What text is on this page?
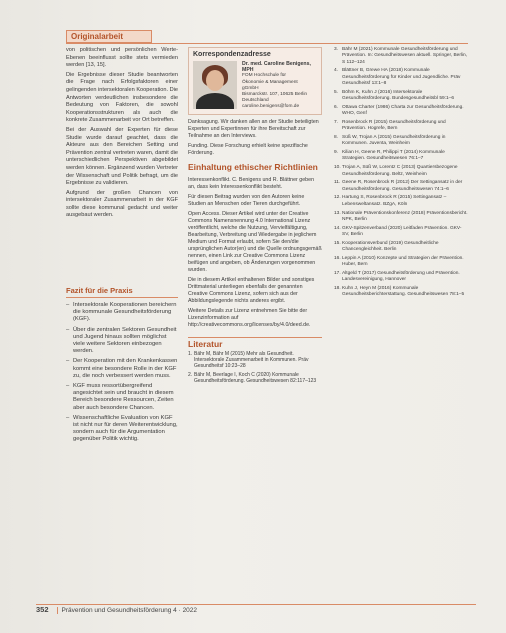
Originalarbeit

von politischen und persönlichen Werte-Ebenen beeinflusst sollte stets vermieden werden [13, 15].

Die Ergebnisse dieser Studie beantworten die Frage nach Erfolgsfaktoren einer gelingenden intersektoralen Kooperation. Die Antworten verdeutlichen insbesondere die Bedeutung von Faktoren, die sowohl Kooperationsstrukturen als auch die konkrete Zusammenarbeit vor Ort betreffen.

Bei der Auswahl der Experten für diese Studie wurde darauf geachtet, dass die Akteure aus den Bereichen Setting und Prävention zentral vertreten waren, damit die unterschiedlichen Perspektiven abgebildet werden können. Ergänzend wurden Vertreter der Wissenschaft und Politik befragt, um die Ergebnisse zu validieren.

Aufgrund der großen Chancen von intersektoraler Zusammenarbeit in der KGF sollte diese kommunal gedacht und weiter ausgebaut werden.

Fazit für die Praxis
– Intersektorale Kooperationen bereichern die kommunale Gesundheitsförderung (KGF).
– Über die zentralen Sektoren Gesundheit und Jugend hinaus sollten möglichst viele weitere Sektoren einbezogen werden.
– Der Kooperation mit den Krankenkassen kommt eine besondere Rolle in der KGF zu, die noch verbessert werden muss.
– KGF muss ressortübergreifend angesichtet sein und braucht in diesem Bereich besondere Ressourcen, Zeiten aber auch besondere Chancen.
– Wissenschaftliche Evaluation von KGF ist nicht nur für deren Weiterentwicklung, sondern auch für die Argumentation gegenüber Politik wichtig.
Korrespondenzadresse
Dr. med. Caroline Benigens, MPH
FOM Hochschule für
Ökonomie & Management
gGmbH
Bismarckstr. 107, 10625 Berlin
Deutschland
caroline.benigens@fom.de

Danksagung. Wir danken allen an der Studie beteiligten Experten und Expertinnen für ihre Bereitschaft zur Teilnahme an den Interviews.

Funding. Diese Forschung erhielt keine spezifische Förderung.

Einhaltung ethischer Richtlinien

Interessenkonflikt. C. Benigens und R. Blättner geben an, dass kein Interessenkonflikt besteht.

Für diesen Beitrag wurden von den Autoren keine Studien an Menschen oder Tieren durchgeführt.

Open Access. Dieser Artikel wird unter der Creative Commons Namensnennung 4.0 International Lizenz veröffentlicht, welche die Nutzung, Vervielfältigung, Bearbeitung, Verbreitung und Wiedergabe in jeglichem Medium und Format erlaubt, sofern Sie den/die ursprünglichen Autor(en) und die Quelle ordnungsgemäß nennen, einen Link zur Creative Commons Lizenz beifügen und angeben, ob Änderungen vorgenommen wurden.

Die in diesem Artikel enthaltenen Bilder und sonstiges Drittmaterial unterliegen ebenfalls der genannten Creative Commons Lizenz, sofern sich aus der Abbildungslegende nichts anderes ergibt.

Weitere Details zur Lizenz entnehmen Sie bitte der Lizenzinformation auf http://creativecommons.org/licenses/by/4.0/deed.de.

Literatur
1. Bähr M, Bähr M (2015) Mehr als Gesundheit. Intersektorale Zusammenarbeit in Kommunen. Präv Gesundheitsf 10:23–28
2. Bähr M, Beerlage I, Koch C (2020) Kommunale Gesundheitsförderung. Gesundheitswesen 82:117–123
3. Bähr M (2021) Kommunale Gesundheitsförderung und Prävention. In: Gesundheitswesen aktuell. Springer, Berlin, S 112–124
4. Blättner B, Grewe HA (2018) Kommunale Gesundheitsförderung für Kinder und Jugendliche. Präv Gesundheitsf 13:1–8
5. Böhm K, Kuhn J (2016) Intersektorale Gesundheitsförderung. Bundesgesundheitsbl 59:1–6
6. Ottawa Charter (1986) Charta zur Gesundheitsförderung. WHO, Genf
7. Rosenbrock R (2015) Gesundheitsförderung und Prävention. Hogrefe, Bern
8. Süß W, Trojan A (2015) Gesundheitsförderung in Kommunen. Juventa, Weinheim
9. Kilian H, Geene R, Philippi T (2014) Kommunale Strategien. Gesundheitswesen 76:1–7
10. Trojan A, Süß W, Lorentz C (2013) Quartiersbezogene Gesundheitsförderung. Beltz, Weinheim
11. Geene R, Rosenbrock R (2012) Der Settingansatz in der Gesundheitsförderung. Gesundheitswesen 74:1–6
12. Hartung S, Rosenbrock R (2015) Settingansatz – Lebensweltansatz. BZgA, Köln
13. Nationale Präventionskonferenz (2018) Präventionsbericht. NPK, Berlin
14. GKV-Spitzenverband (2020) Leitfaden Prävention. GKV-SV, Berlin
15. Kooperationsverbund (2019) Gesundheitliche Chancengleichheit. Berlin
16. Leppin A (2010) Konzepte und Strategien der Prävention. Huber, Bern
17. Altgeld T (2017) Gesundheitsförderung und Prävention. Landesvereinigung, Hannover
18. Kuhn J, Heyn M (2016) Kommunale Gesundheitsberichterstattung. Gesundheitswesen 78:1–5
352 Prävention und Gesundheitsförderung 4 · 2022
